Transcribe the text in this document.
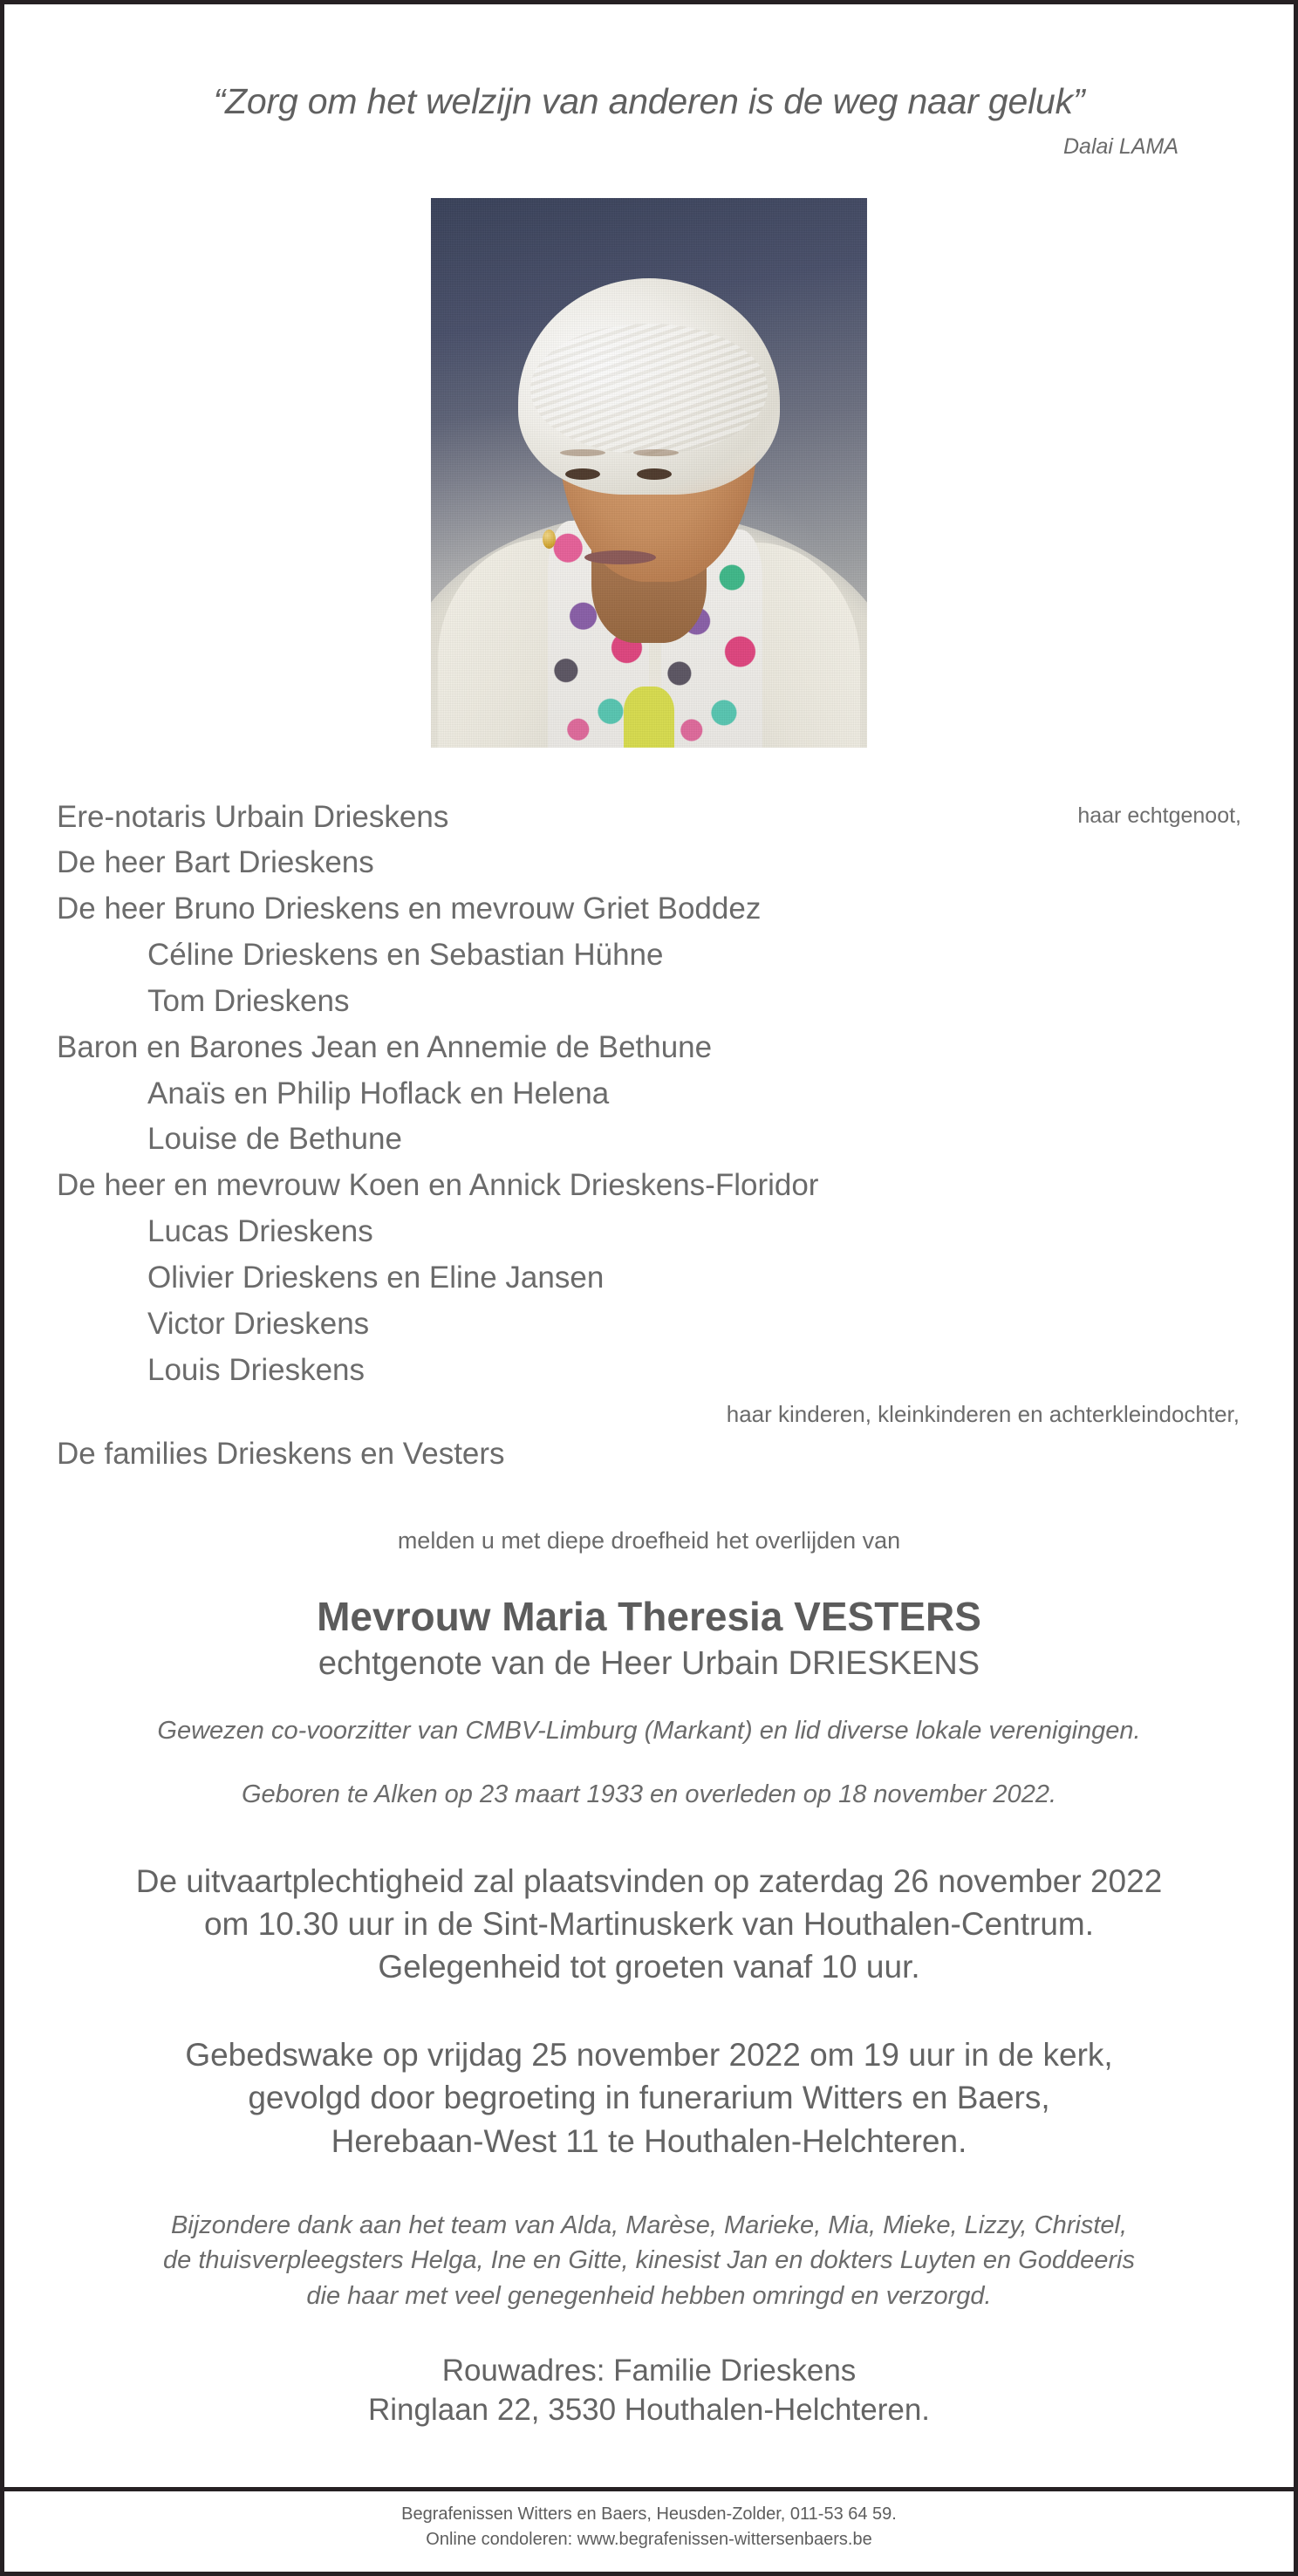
“Zorg om het welzijn van anderen is de weg naar geluk”
Dalai LAMA
Ere-notaris Urbain Drieskens	haar echtgenoot,
De heer Bart Drieskens
De heer Bruno Drieskens en mevrouw Griet Boddez
Céline Drieskens en Sebastian Hühne
Tom Drieskens
Baron en Barones Jean en Annemie de Bethune
Anaïs en Philip Hoflack en Helena
Louise de Bethune
De heer en mevrouw Koen en Annick Drieskens-Floridor
Lucas Drieskens
Olivier Drieskens en Eline Jansen
Victor Drieskens
Louis Drieskens
haar kinderen, kleinkinderen en achterkleindochter,
De families Drieskens en Vesters
melden u met diepe droefheid het overlijden van
Mevrouw Maria Theresia VESTERS
echtgenote van de Heer Urbain DRIESKENS
Gewezen co-voorzitter van CMBV-Limburg (Markant) en lid diverse lokale verenigingen.
Geboren te Alken op 23 maart 1933 en overleden op 18 november 2022.
De uitvaartplechtigheid zal plaatsvinden op zaterdag 26 november 2022
om 10.30 uur in de Sint-Martinuskerk van Houthalen-Centrum.
Gelegenheid tot groeten vanaf 10 uur.
Gebedswake op vrijdag 25 november 2022 om 19 uur in de kerk,
gevolgd door begroeting in funerarium Witters en Baers,
Herebaan-West 11 te Houthalen-Helchteren.
Bijzondere dank aan het team van Alda, Marèse, Marieke, Mia, Mieke, Lizzy, Christel,
de thuisverpleegsters Helga, Ine en Gitte, kinesist Jan en dokters Luyten en Goddeeris
die haar met veel genegenheid hebben omringd en verzorgd.
Rouwadres: Familie Drieskens
Ringlaan 22, 3530 Houthalen-Helchteren.
Begrafenissen Witters en Baers, Heusden-Zolder, 011-53 64 59.
Online condoleren: www.begrafenissen-wittersenbaers.be
